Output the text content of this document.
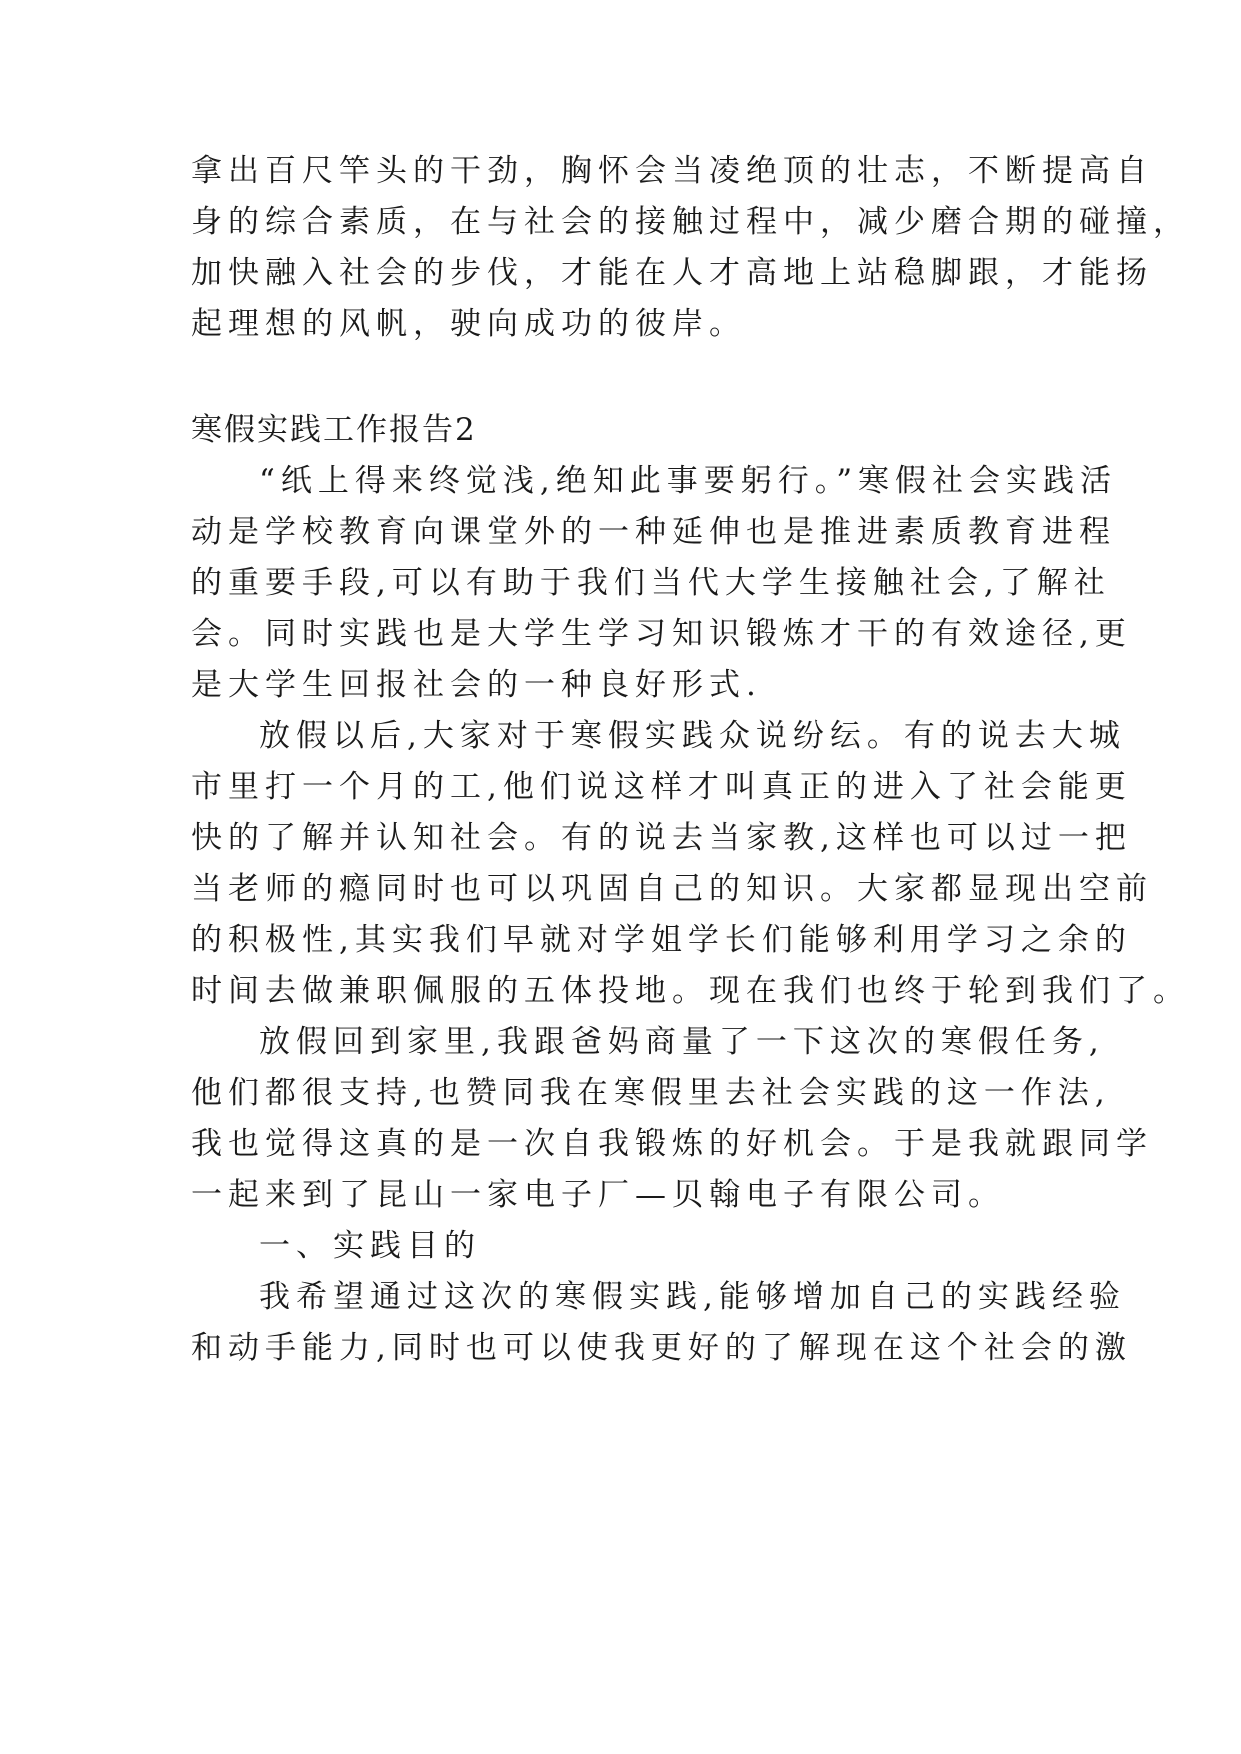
拿出百尺竿头的干劲，胸怀会当凌绝顶的壮志，不断提高自
身的综合素质，在与社会的接触过程中，减少磨合期的碰撞，
加快融入社会的步伐，才能在人才高地上站稳脚跟，才能扬
起理想的风帆，驶向成功的彼岸。
寒假实践工作报告2
“纸上得来终觉浅,绝知此事要躬行。”寒假社会实践活
动是学校教育向课堂外的一种延伸也是推进素质教育进程
的重要手段,可以有助于我们当代大学生接触社会,了解社
会。同时实践也是大学生学习知识锻炼才干的有效途径,更
是大学生回报社会的一种良好形式.
放假以后,大家对于寒假实践众说纷纭。有的说去大城
市里打一个月的工,他们说这样才叫真正的进入了社会能更
快的了解并认知社会。有的说去当家教,这样也可以过一把
当老师的瘾同时也可以巩固自己的知识。大家都显现出空前
的积极性,其实我们早就对学姐学长们能够利用学习之余的
时间去做兼职佩服的五体投地。现在我们也终于轮到我们了。
放假回到家里,我跟爸妈商量了一下这次的寒假任务,
他们都很支持,也赞同我在寒假里去社会实践的这一作法,
我也觉得这真的是一次自我锻炼的好机会。于是我就跟同学
一起来到了昆山一家电子厂—贝翰电子有限公司。
一、实践目的
我希望通过这次的寒假实践,能够增加自己的实践经验
和动手能力,同时也可以使我更好的了解现在这个社会的激
